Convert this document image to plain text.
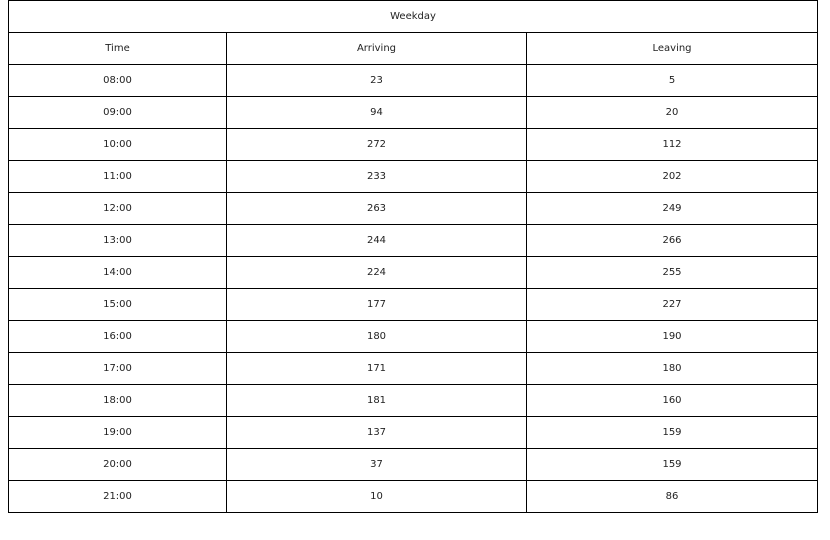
Weekday		
Time	Arriving	Leaving
08:00	23	5
09:00	94	20
10:00	272	112
11:00	233	202
12:00	263	249
13:00	244	266
14:00	224	255
15:00	177	227
16:00	180	190
17:00	171	180
18:00	181	160
19:00	137	159
20:00	37	159
21:00	10	86
